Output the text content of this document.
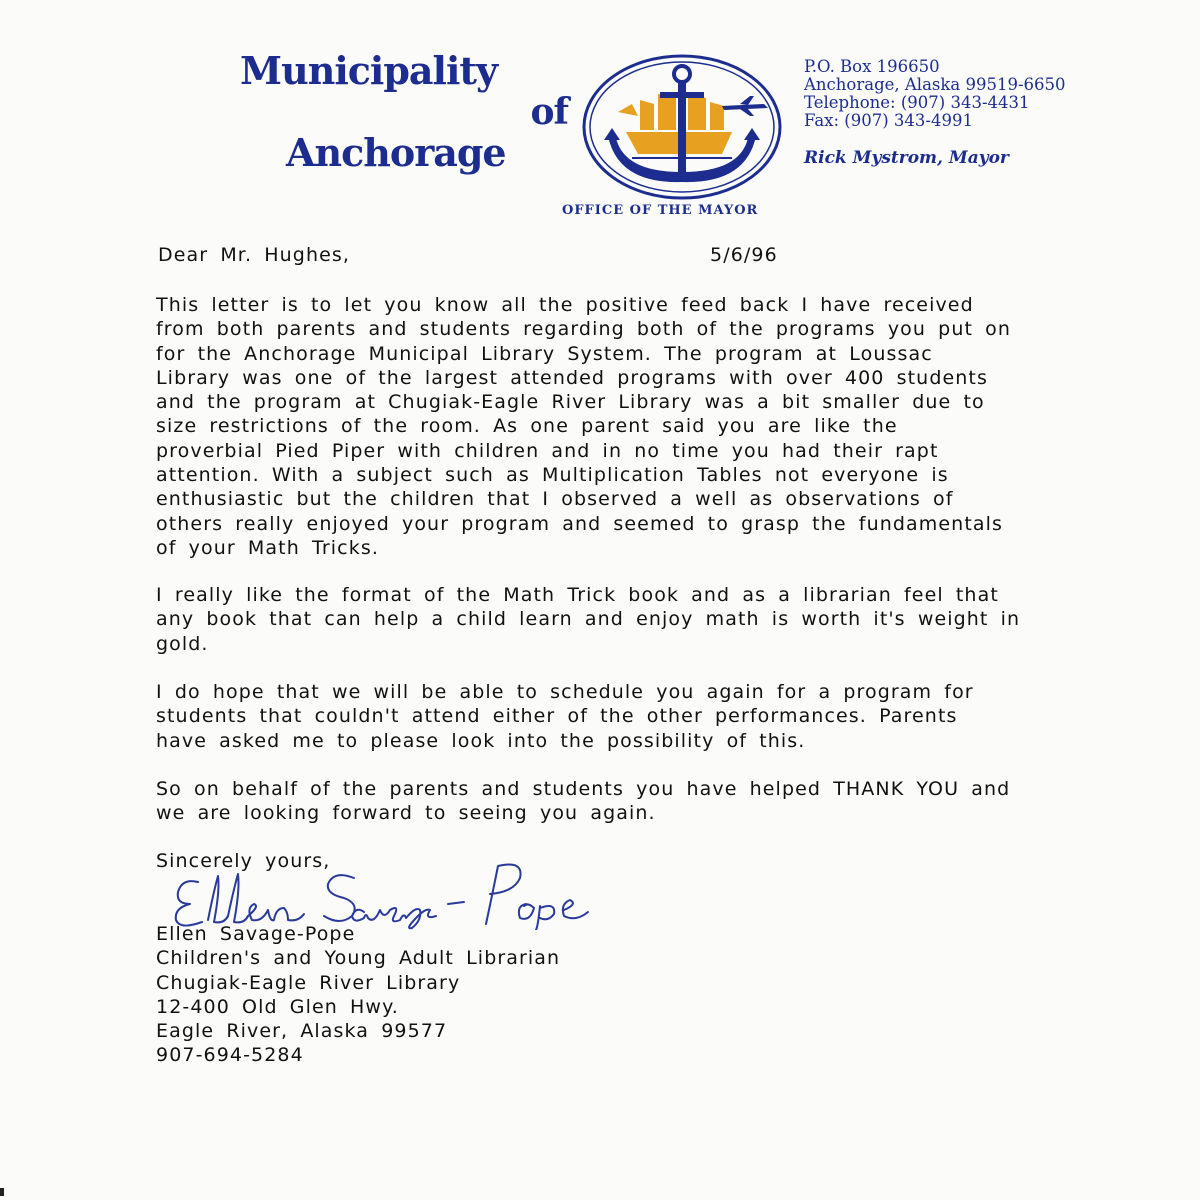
Municipality
of
Anchorage
OFFICE OF THE MAYOR
P.O. Box 196650
Anchorage, Alaska 99519-6650
Telephone: (907) 343-4431
Fax: (907) 343-4991
Rick Mystrom, Mayor
Dear Mr. Hughes,	5/6/96
This letter is to let you know all the positive feed back I have received
from both parents and students regarding both of the programs you put on
for the Anchorage Municipal Library System. The program at Loussac
Library was one of the largest attended programs with over 400 students
and the program at Chugiak-Eagle River Library was a bit smaller due to
size restrictions of the room. As one parent said you are like the
proverbial Pied Piper with children and in no time you had their rapt
attention. With a subject such as Multiplication Tables not everyone is
enthusiastic but the children that I observed a well as observations of
others really enjoyed your program and seemed to grasp the fundamentals
of your Math Tricks.
I really like the format of the Math Trick book and as a librarian feel that
any book that can help a child learn and enjoy math is worth it's weight in
gold.
I do hope that we will be able to schedule you again for a program for
students that couldn't attend either of the other performances. Parents
have asked me to please look into the possibility of this.
So on behalf of the parents and students you have helped THANK YOU and
we are looking forward to seeing you again.
Sincerely yours,
Ellen Savage-Pope
Children's and Young Adult Librarian
Chugiak-Eagle River Library
12-400 Old Glen Hwy.
Eagle River, Alaska 99577
907-694-5284
